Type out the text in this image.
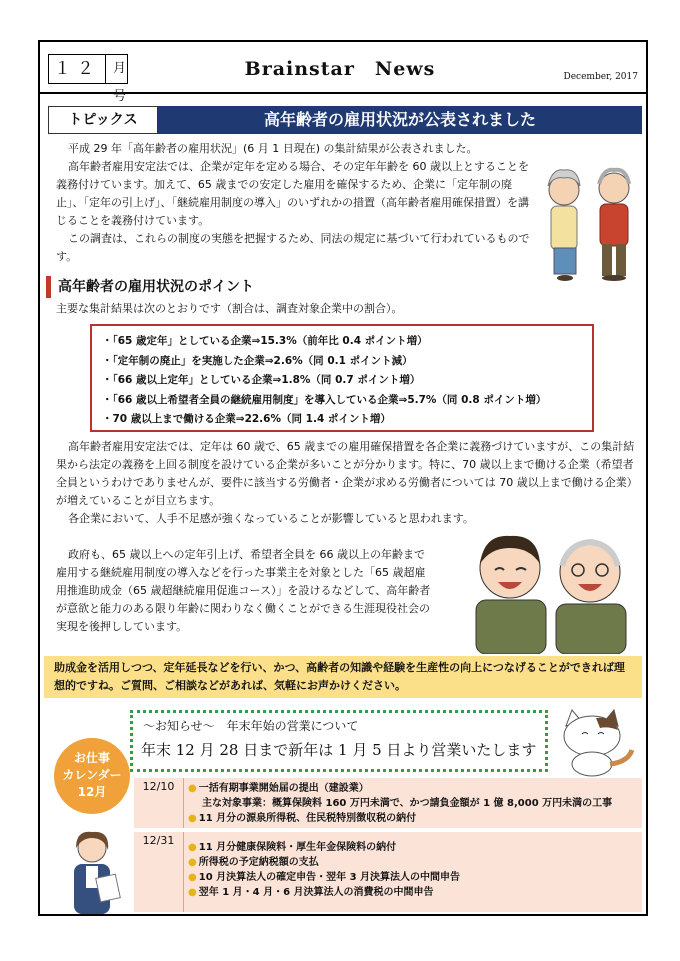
１２	月号
Brainstar　News	December, 2017
トピックス	高年齢者の雇用状況が公表されました
平成 29 年「高年齢者の雇用状況」(6 月 1 日現在) の集計結果が公表されました。
高年齢者雇用安定法では、企業が定年を定める場合、その定年年齢を 60 歳以上とすることを義務付けています。加えて、65 歳までの安定した雇用を確保するため、企業に「定年制の廃止」、「定年の引上げ」、「継続雇用制度の導入」のいずれかの措置（高年齢者雇用確保措置）を講じることを義務付けています。
この調査は、これらの制度の実態を把握するため、同法の規定に基づいて行われているものです。
高年齢者の雇用状況のポイント
主要な集計結果は次のとおりです（割合は、調査対象企業中の割合）。
・「65 歳定年」としている企業⇒15.3%（前年比 0.4 ポイント増）
・「定年制の廃止」を実施した企業⇒2.6%（同 0.1 ポイント減）
・「66 歳以上定年」としている企業⇒1.8%（同 0.7 ポイント増）
・「66 歳以上希望者全員の継続雇用制度」を導入している企業⇒5.7%（同 0.8 ポイント増）
・70 歳以上まで働ける企業⇒22.6%（同 1.4 ポイント増）
高年齢者雇用安定法では、定年は 60 歳で、65 歳までの雇用確保措置を各企業に義務づけていますが、この集計結果から法定の義務を上回る制度を設けている企業が多いことが分かります。特に、70 歳以上まで働ける企業（希望者全員というわけでありませんが、要件に該当する労働者・企業が求める労働者については 70 歳以上まで働ける企業）が増えていることが目立ちます。
各企業において、人手不足感が強くなっていることが影響していると思われます。
政府も、65 歳以上への定年引上げ、希望者全員を 66 歳以上の年齢まで雇用する継続雇用制度の導入などを行った事業主を対象とした「65 歳超雇用推進助成金（65 歳超継続雇用促進コース）」を設けるなどして、高年齢者が意欲と能力のある限り年齢に関わりなく働くことができる生涯現役社会の実現を後押ししています。
助成金を活用しつつ、定年延長などを行い、かつ、高齢者の知識や経験を生産性の向上につなげることができれば理想的ですね。ご質問、ご相談などがあれば、気軽にお声かけください。
～お知らせ～　年末年始の営業について
年末 12 月 28 日まで新年は 1 月 5 日より営業いたします
お仕事
カレンダー
12月	12/10
●	一括有期事業開始届の提出（建設業）
主な対象事業：概算保険料 160 万円未満で、かつ請負金額が 1 億 8,000 万円未満の工事
● 11 月分の源泉所得税、住民税特別徴収税の納付
12/31
● 11 月分健康保険料・厚生年金保険料の納付
● 所得税の予定納税額の支払
● 10 月決算法人の確定申告・翌年 3 月決算法人の中間申告
● 翌年 1 月・4 月・6 月決算法人の消費税の中間申告
